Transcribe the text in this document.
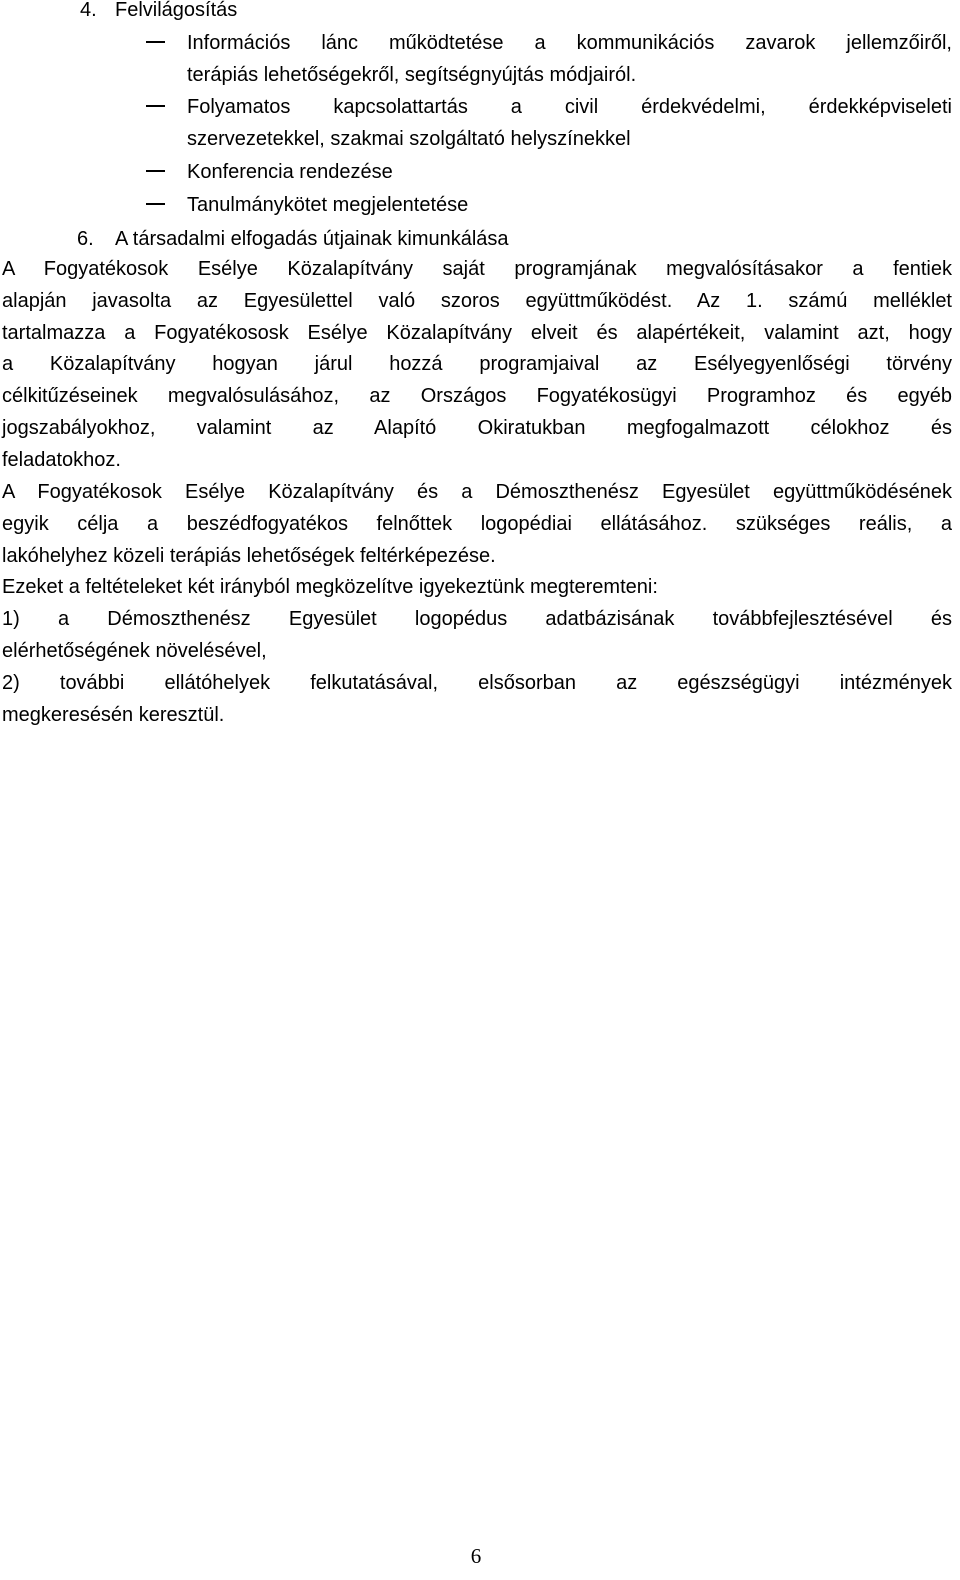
4. Felvilágosítás
Információs lánc működtetése a kommunikációs zavarok jellemzőiről,
terápiás lehetőségekről, segítségnyújtás módjairól.
Folyamatos kapcsolattartás a civil érdekvédelmi, érdekképviseleti
szervezetekkel, szakmai szolgáltató helyszínekkel
Konferencia rendezése
Tanulmánykötet megjelentetése
6. A társadalmi elfogadás útjainak kimunkálása
A Fogyatékosok Esélye Közalapítvány saját programjának megvalósításakor a fentiek
alapján javasolta az Egyesülettel való szoros együttműködést. Az 1. számú melléklet
tartalmazza a Fogyatékososk Esélye Közalapítvány elveit és alapértékeit, valamint azt, hogy
a Közalapítvány hogyan járul hozzá programjaival az Esélyegyenlőségi törvény
célkitűzéseinek megvalósulásához, az Országos Fogyatékosügyi Programhoz és egyéb
jogszabályokhoz, valamint az Alapító Okiratukban megfogalmazott célokhoz és
feladatokhoz.
A Fogyatékosok Esélye Közalapítvány és a Démoszthenész Egyesület együttműködésének
egyik célja a beszédfogyatékos felnőttek logopédiai ellátásához. szükséges reális, a
lakóhelyhez közeli terápiás lehetőségek feltérképezése.
Ezeket a feltételeket két irányból megközelítve igyekeztünk megteremteni:
1) a Démoszthenész Egyesület logopédus adatbázisának továbbfejlesztésével és
elérhetőségének növelésével,
2) további ellátóhelyek felkutatásával, elsősorban az egészségügyi intézmények
megkeresésén keresztül.
6
